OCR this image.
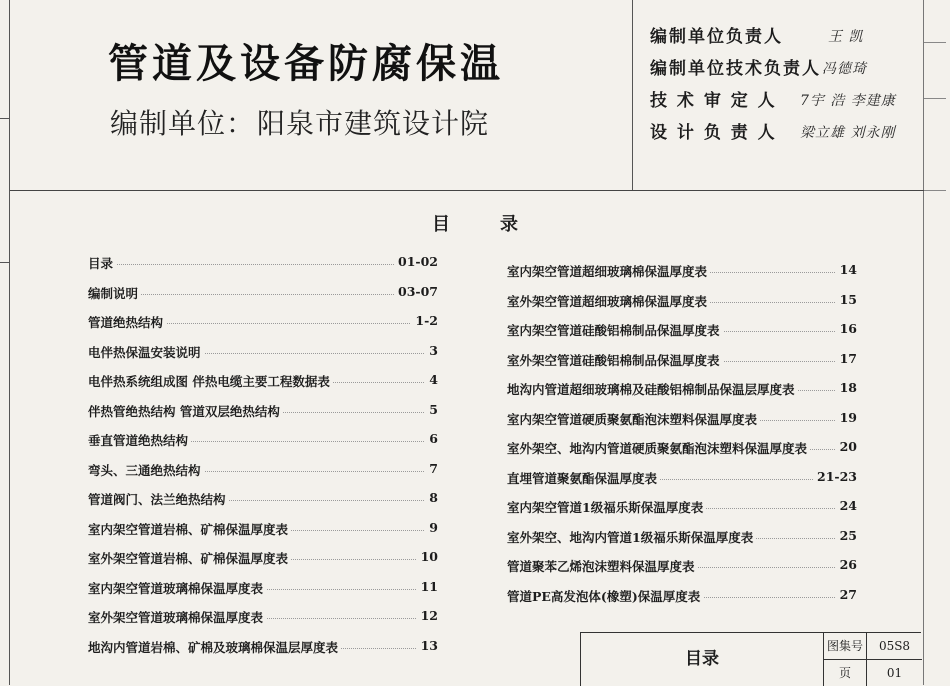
管道及设备防腐保温
编制单位：阳泉市建筑设计院
编制单位负责人	王 凯
编制单位技术负责人 冯德琦
技 术 审 定 人 7宇 浩 李建康
设 计 负 责 人 梁立雄 刘永刚
目	录
目录	01-02
编制说明	03-07
管道绝热结构	1-2
电伴热保温安装说明	3
电伴热系统组成图 伴热电缆主要工程数据表	4
伴热管绝热结构 管道双层绝热结构	5
垂直管道绝热结构	6
弯头、三通绝热结构	7
管道阀门、法兰绝热结构	8
室内架空管道岩棉、矿棉保温厚度表	9
室外架空管道岩棉、矿棉保温厚度表	10
室内架空管道玻璃棉保温厚度表	11
室外架空管道玻璃棉保温厚度表	12
地沟内管道岩棉、矿棉及玻璃棉保温层厚度表	13
室内架空管道超细玻璃棉保温厚度表	14
室外架空管道超细玻璃棉保温厚度表	15
室内架空管道硅酸铝棉制品保温厚度表	16
室外架空管道硅酸铝棉制品保温厚度表	17
地沟内管道超细玻璃棉及硅酸铝棉制品保温层厚度表	18
室内架空管道硬质聚氨酯泡沫塑料保温厚度表	19
室外架空、地沟内管道硬质聚氨酯泡沫塑料保温厚度表	20
直埋管道聚氨酯保温厚度表	21-23
室内架空管道1级福乐斯保温厚度表	24
室外架空、地沟内管道1级福乐斯保温厚度表	25
管道聚苯乙烯泡沫塑料保温厚度表	26
管道PE高发泡体(橡塑)保温厚度表	27
目录
图集号	05S8
页	01
